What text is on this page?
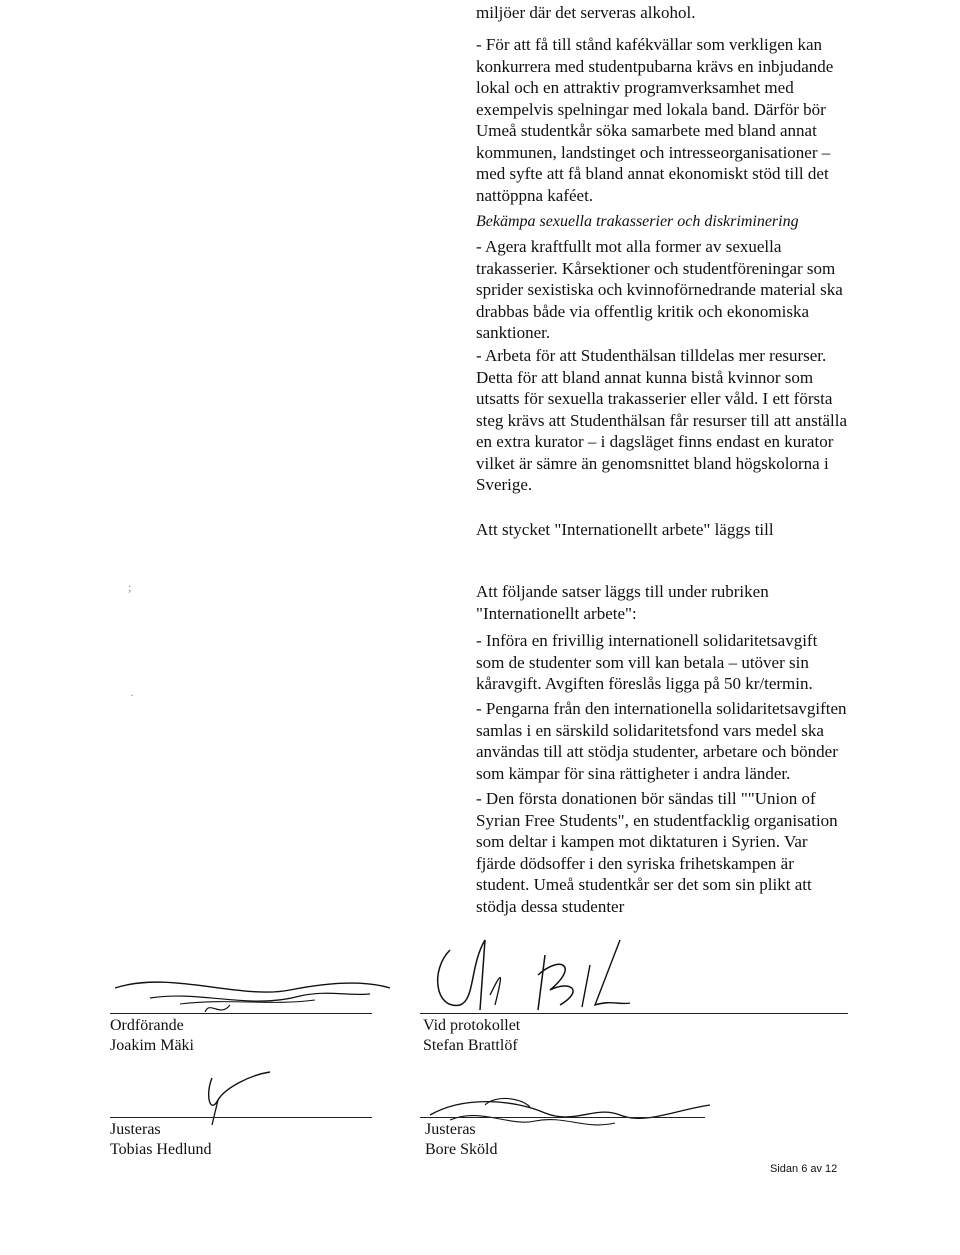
miljöer där det serveras alkohol.

- För att få till stånd kafékvällar som verkligen kan
konkurrera med studentpubarna krävs en inbjudande
lokal och en attraktiv programverksamhet med
exempelvis spelningar med lokala band. Därför bör
Umeå studentkår söka samarbete med bland annat
kommunen, landstinget och intresseorganisationer –
med syfte att få bland annat ekonomiskt stöd till det
nattöppna kaféet.

Bekämpa sexuella trakasserier och diskriminering

- Agera kraftfullt mot alla former av sexuella
trakasserier. Kårsektioner och studentföreningar som
sprider sexistiska och kvinnoförnedrande material ska
drabbas både via offentlig kritik och ekonomiska
sanktioner.

- Arbeta för att Studenthälsan tilldelas mer resurser.
Detta för att bland annat kunna bistå kvinnor som
utsatts för sexuella trakasserier eller våld. I ett första
steg krävs att Studenthälsan får resurser till att anställa
en extra kurator – i dagsläget finns endast en kurator
vilket är sämre än genomsnittet bland högskolorna i
Sverige.

Att stycket "Internationellt arbete" läggs till

;
·

Att följande satser läggs till under rubriken
"Internationellt arbete":

- Införa en frivillig internationell solidaritetsavgift
som de studenter som vill kan betala – utöver sin
kåravgift. Avgiften föreslås ligga på 50 kr/termin.

- Pengarna från den internationella solidaritetsavgiften
samlas i en särskild solidaritetsfond vars medel ska
användas till att stödja studenter, arbetare och bönder
som kämpar för sina rättigheter i andra länder.

- Den första donationen bör sändas till ""Union of
Syrian Free Students", en studentfacklig organisation
som deltar i kampen mot diktaturen i Syrien. Var
fjärde dödsoffer i den syriska frihetskampen är
student. Umeå studentkår ser det som sin plikt att
stödja dessa studenter

Ordförande
Joakim Mäki
Vid protokollet
Stefan Brattlöf
Justeras
Tobias Hedlund
Justeras
Bore Sköld
Sidan 6 av 12
